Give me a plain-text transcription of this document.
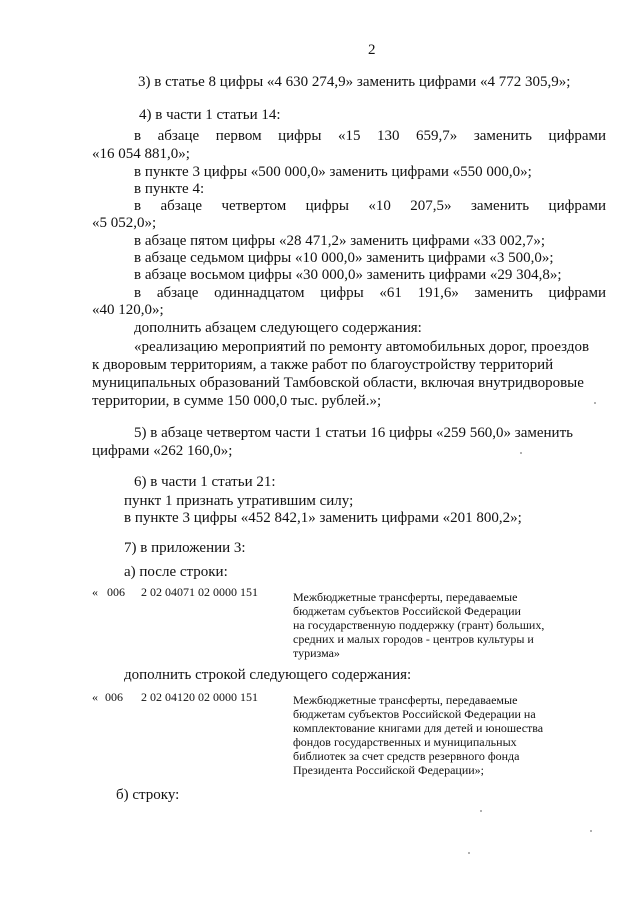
2
3) в статье 8 цифры «4 630 274,9» заменить цифрами «4 772 305,9»;
4) в части 1 статьи 14:
в абзаце первом цифры «15 130 659,7» заменить цифрами
«16 054 881,0»;
в пункте 3 цифры «500 000,0» заменить цифрами «550 000,0»;
в пункте 4:
в абзаце четвертом цифры «10 207,5» заменить цифрами
«5 052,0»;
в абзаце пятом цифры «28 471,2» заменить цифрами «33 002,7»;
в абзаце седьмом цифры «10 000,0» заменить цифрами «3 500,0»;
в абзаце восьмом цифры «30 000,0» заменить цифрами «29 304,8»;
в абзаце одиннадцатом цифры «61 191,6» заменить цифрами
«40 120,0»;
дополнить абзацем следующего содержания:
«реализацию мероприятий по ремонту автомобильных дорог, проездов
к дворовым территориям, а также работ по благоустройству территорий
муниципальных образований Тамбовской области, включая внутридворовые
территории, в сумме 150 000,0 тыс. рублей.»;
5) в абзаце четвертом части 1 статьи 16 цифры «259 560,0» заменить
цифрами «262 160,0»;
6) в части 1 статьи 21:
пункт 1 признать утратившим силу;
в пункте 3 цифры «452 842,1» заменить цифрами «201 800,2»;
7) в приложении 3:
а) после строки:
« 006 2 02 04071 02 0000 151	Межбюджетные трансферты, передаваемые
бюджетам субъектов Российской Федерации
на государственную поддержку (грант) больших,
средних и малых городов - центров культуры и
туризма»
дополнить строкой следующего содержания:
« 006 2 02 04120 02 0000 151	Межбюджетные трансферты, передаваемые
бюджетам субъектов Российской Федерации на
комплектование книгами для детей и юношества
фондов государственных и муниципальных
библиотек за счет средств резервного фонда
Президента Российской Федерации»;
б) строку:
